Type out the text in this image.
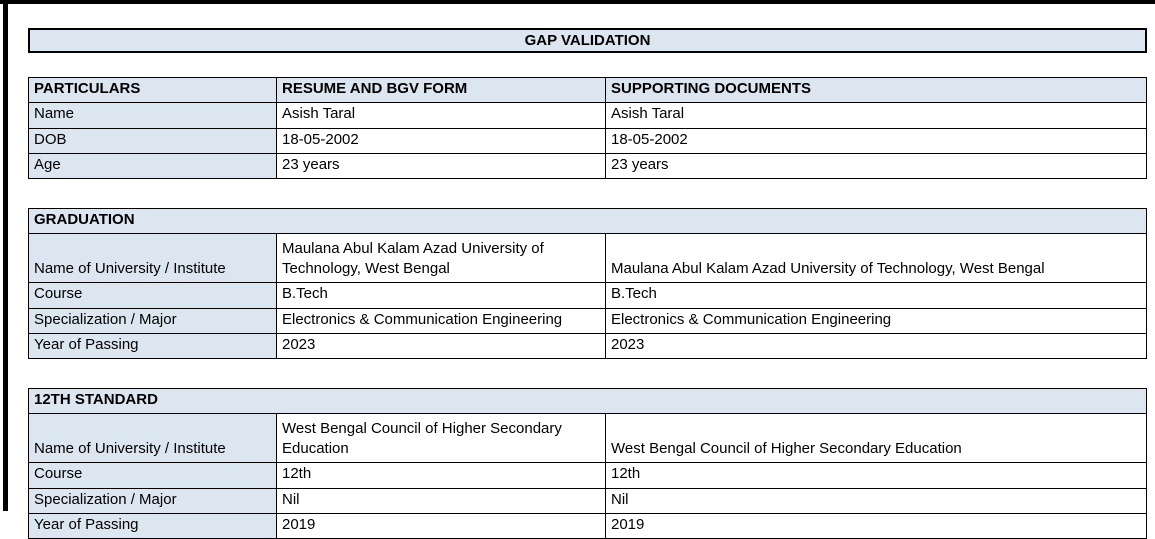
GAP VALIDATION
PARTICULARS	RESUME AND BGV FORM	SUPPORTING DOCUMENTS
Name	Asish Taral	Asish Taral
DOB	18-05-2002	18-05-2002
Age	23 years	23 years
GRADUATION		
Name of University / Institute	Maulana Abul Kalam Azad University of Technology, West Bengal	Maulana Abul Kalam Azad University of Technology, West Bengal
Course	B.Tech	B.Tech
Specialization / Major	Electronics & Communication Engineering	Electronics & Communication Engineering
Year of Passing	2023	2023
12TH STANDARD		
Name of University / Institute	West Bengal Council of Higher Secondary Education	West Bengal Council of Higher Secondary Education
Course	12th	12th
Specialization / Major	Nil	Nil
Year of Passing	2019	2019
